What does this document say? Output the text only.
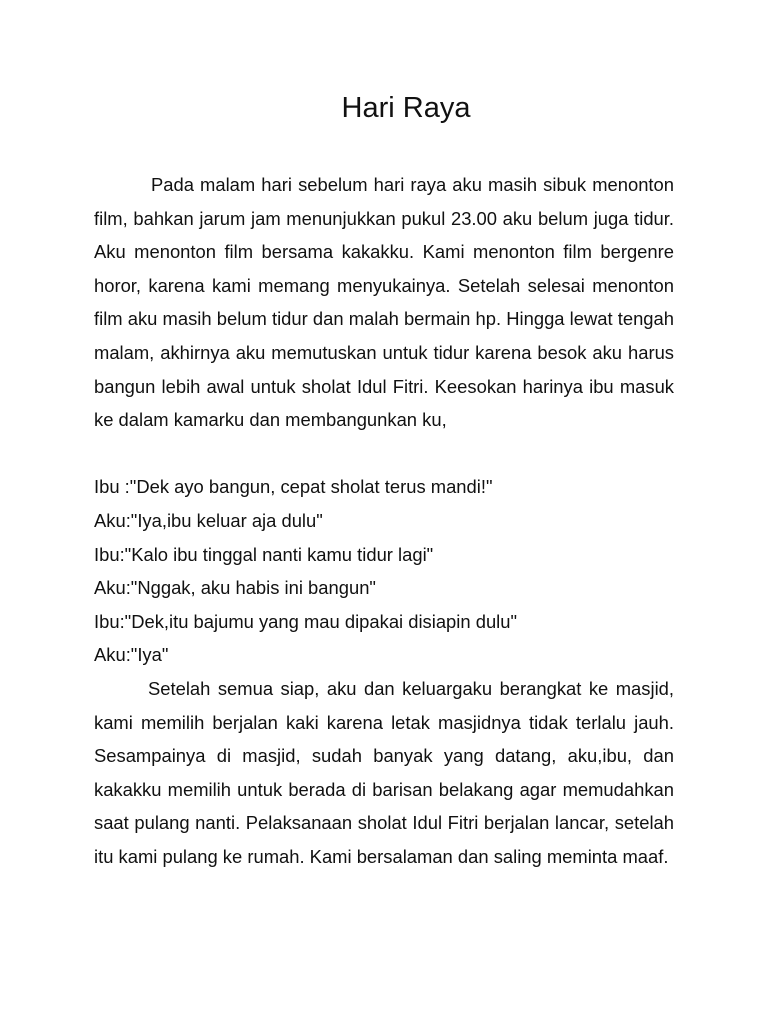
Hari Raya

Pada malam hari sebelum hari raya aku masih sibuk menonton film, bahkan jarum jam menunjukkan pukul 23.00 aku belum juga tidur. Aku menonton film bersama kakakku. Kami menonton film bergenre horor, karena kami memang menyukainya. Setelah selesai menonton film aku masih belum tidur dan malah bermain hp. Hingga lewat tengah malam, akhirnya aku memutuskan untuk tidur karena besok aku harus bangun lebih awal untuk sholat Idul Fitri. Keesokan harinya ibu masuk ke dalam kamarku dan membangunkan ku,

Ibu :"Dek ayo bangun, cepat sholat terus mandi!"

Aku:"Iya,ibu keluar aja dulu"

Ibu:"Kalo ibu tinggal nanti kamu tidur lagi"

Aku:"Nggak, aku habis ini bangun"

Ibu:"Dek,itu bajumu yang mau dipakai disiapin dulu"

Aku:"Iya"

Setelah semua siap, aku dan keluargaku berangkat ke masjid, kami memilih berjalan kaki karena letak masjidnya tidak terlalu jauh. Sesampainya di masjid, sudah banyak yang datang, aku,ibu, dan kakakku memilih untuk berada di barisan belakang agar memudahkan saat pulang nanti. Pelaksanaan sholat Idul Fitri berjalan lancar, setelah itu kami pulang ke rumah. Kami bersalaman dan saling meminta maaf.
